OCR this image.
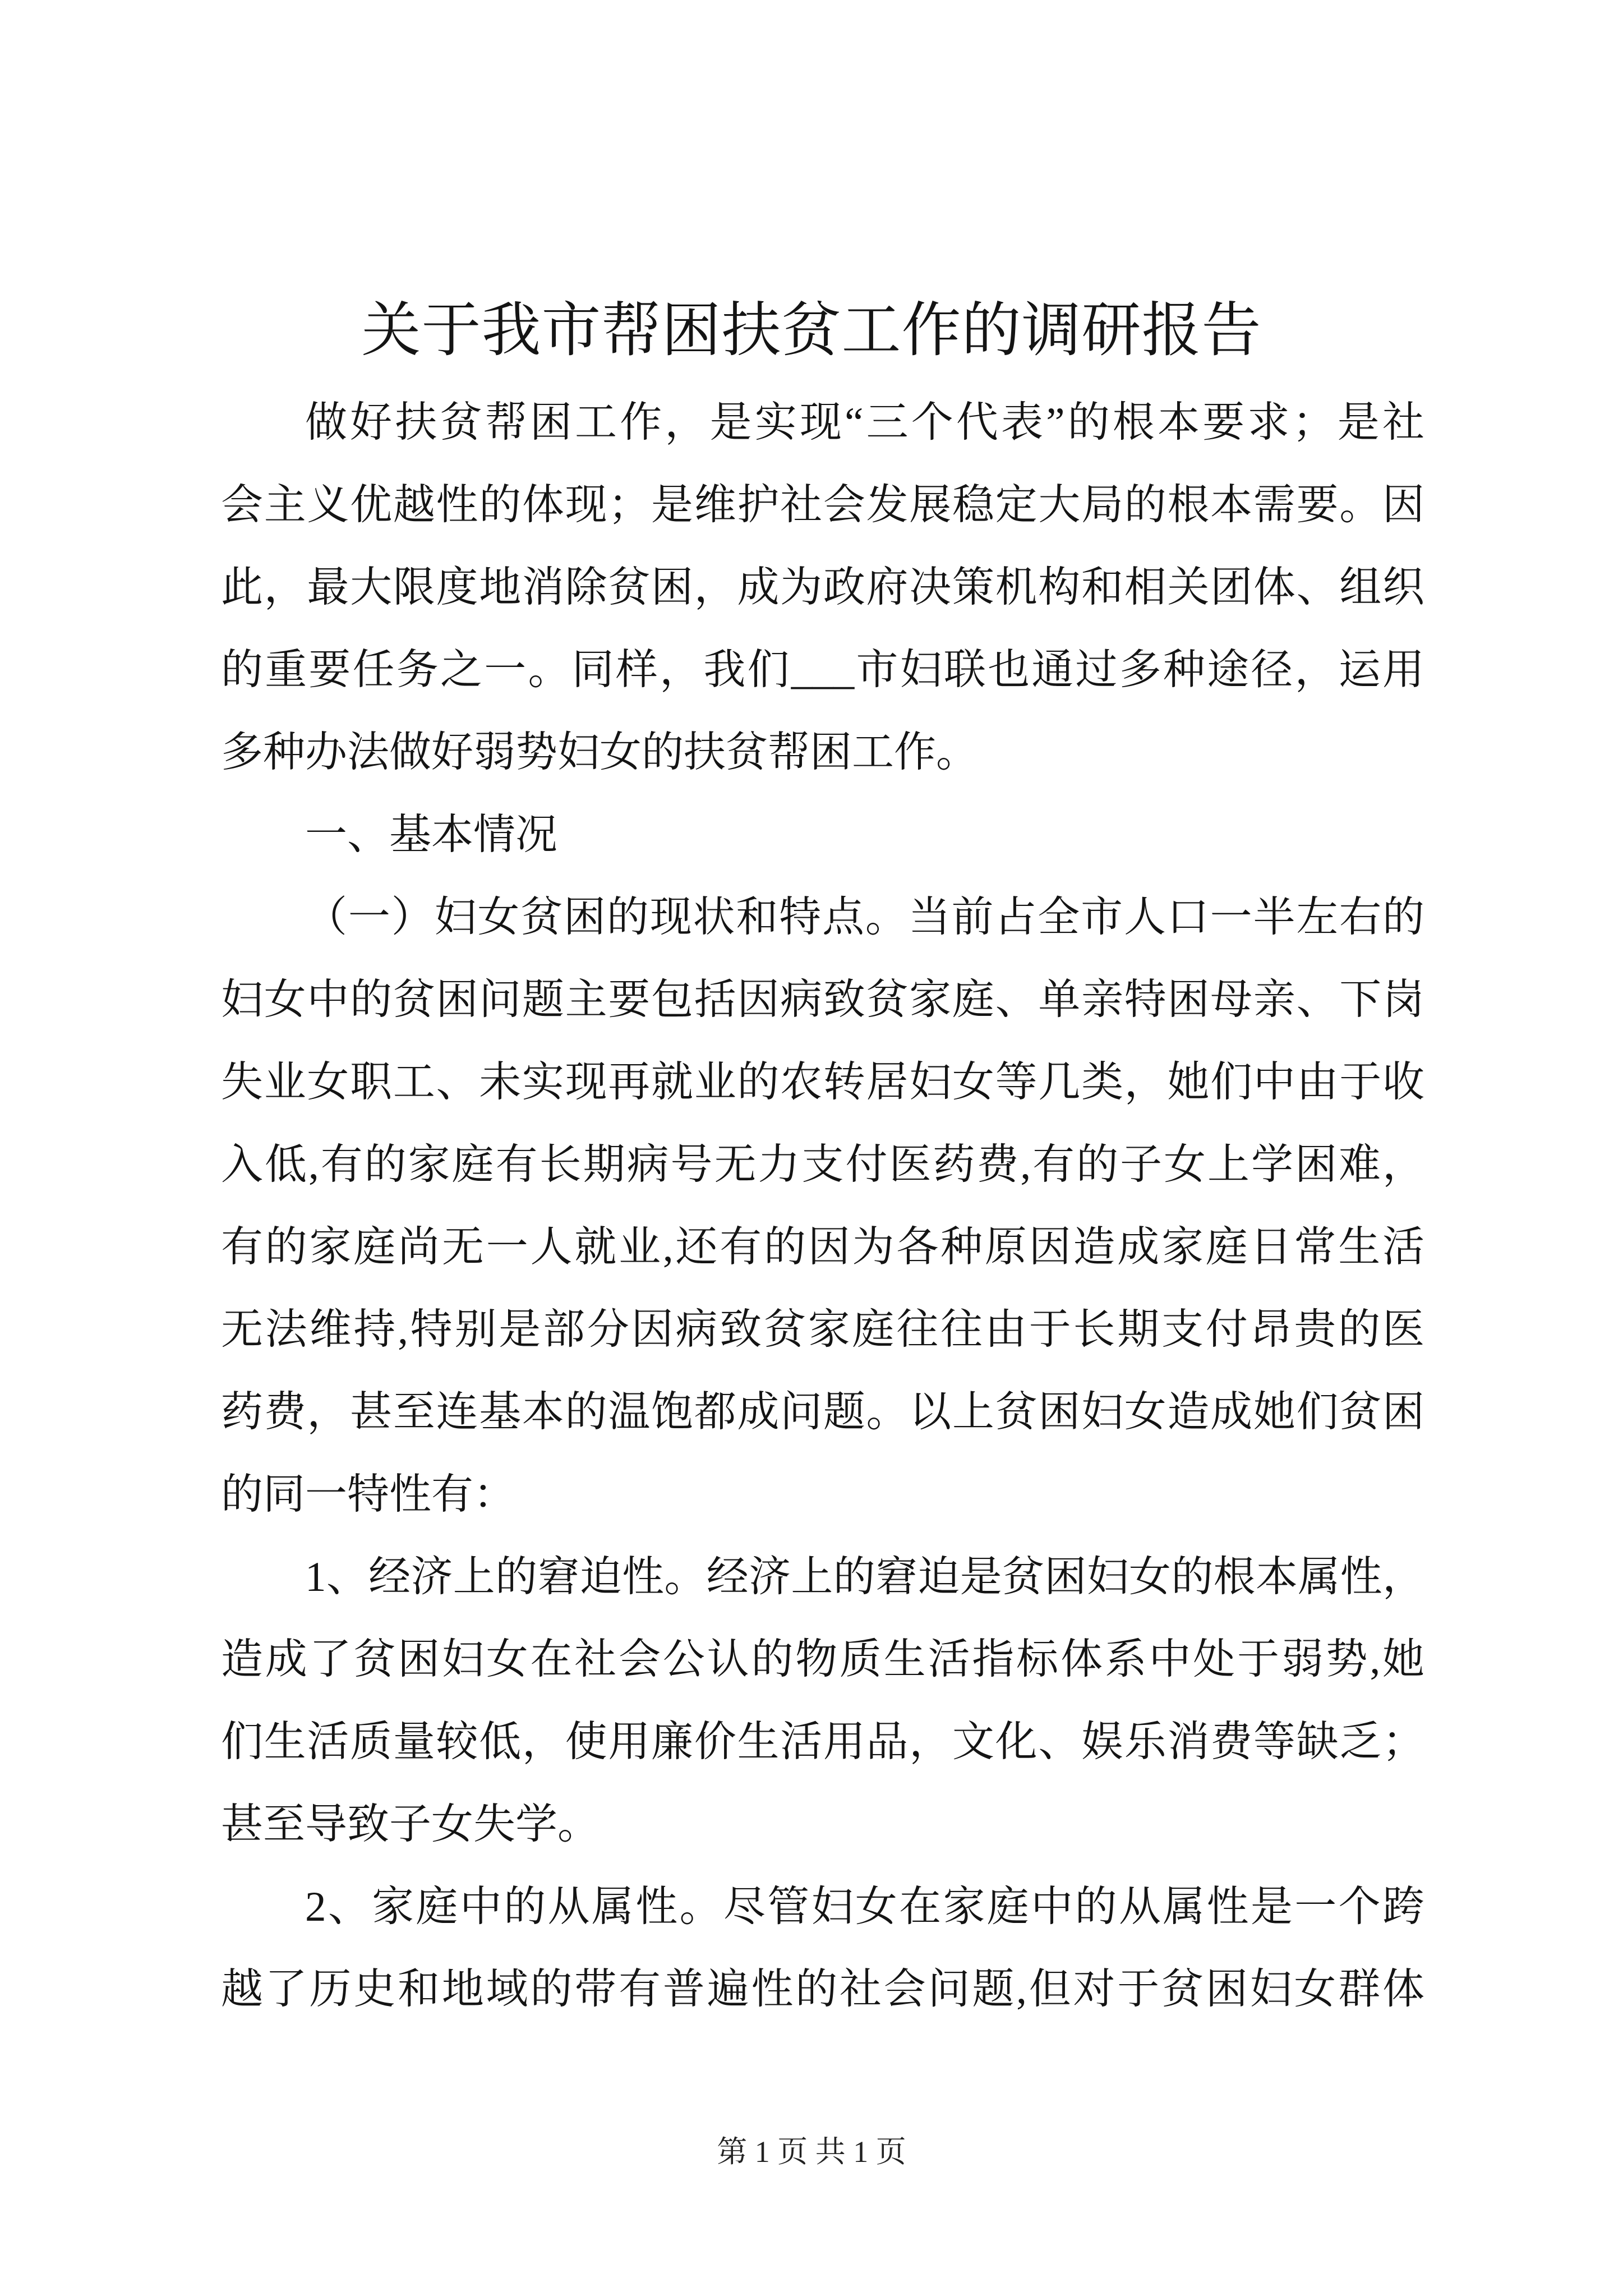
关于我市帮困扶贫工作的调研报告
做好扶贫帮困工作，是实现“三个代表”的根本要求；是社
会主义优越性的体现；是维护社会发展稳定大局的根本需要。因
此，最大限度地消除贫困，成为政府决策机构和相关团体、组织
的重要任务之一。同样，我们___市妇联也通过多种途径，运用
多种办法做好弱势妇女的扶贫帮困工作。
一、基本情况
（一）妇女贫困的现状和特点。当前占全市人口一半左右的
妇女中的贫困问题主要包括因病致贫家庭、单亲特困母亲、下岗
失业女职工、未实现再就业的农转居妇女等几类，她们中由于收
入低,有的家庭有长期病号无力支付医药费,有的子女上学困难，
有的家庭尚无一人就业,还有的因为各种原因造成家庭日常生活
无法维持,特别是部分因病致贫家庭往往由于长期支付昂贵的医
药费，甚至连基本的温饱都成问题。以上贫困妇女造成她们贫困
的同一特性有：
1、经济上的窘迫性。经济上的窘迫是贫困妇女的根本属性，
造成了贫困妇女在社会公认的物质生活指标体系中处于弱势,她
们生活质量较低，使用廉价生活用品，文化、娱乐消费等缺乏；
甚至导致子女失学。
2、家庭中的从属性。尽管妇女在家庭中的从属性是一个跨
越了历史和地域的带有普遍性的社会问题,但对于贫困妇女群体
第 1 页 共 1 页
